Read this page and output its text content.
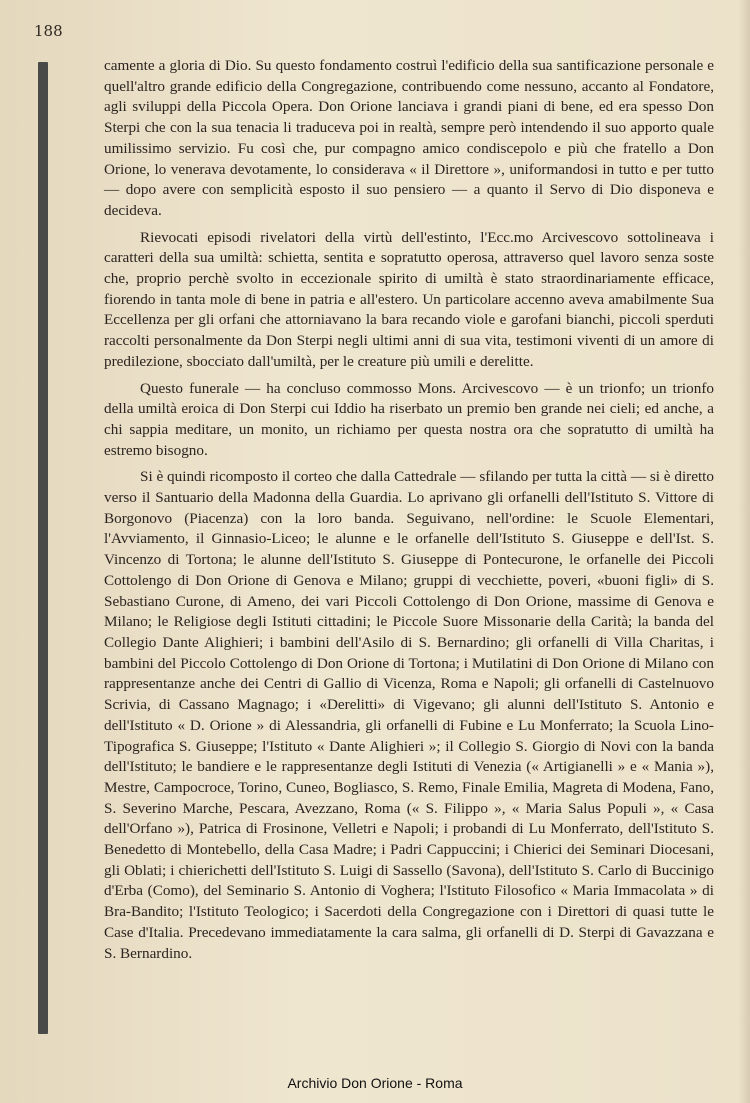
188

camente a gloria di Dio. Su questo fondamento costruì l'edificio della sua santificazione personale e quell'altro grande edificio della Congregazione, contribuendo come nessuno, accanto al Fondatore, agli sviluppi della Piccola Opera. Don Orione lanciava i grandi piani di bene, ed era spesso Don Sterpi che con la sua tenacia li traduceva poi in realtà, sempre però intendendo il suo apporto quale umilissimo servizio. Fu così che, pur compagno amico condiscepolo e più che fratello a Don Orione, lo venerava devotamente, lo considerava « il Direttore », uniformandosi in tutto e per tutto — dopo avere con semplicità esposto il suo pensiero — a quanto il Servo di Dio disponeva e decideva.

Rievocati episodi rivelatori della virtù dell'estinto, l'Ecc.mo Arcivescovo sottolineava i caratteri della sua umiltà: schietta, sentita e sopratutto operosa, attraverso quel lavoro senza soste che, proprio perchè svolto in eccezionale spirito di umiltà è stato straordinariamente efficace, fiorendo in tanta mole di bene in patria e all'estero. Un particolare accenno aveva amabilmente Sua Eccellenza per gli orfani che attorniavano la bara recando viole e garofani bianchi, piccoli sperduti raccolti personalmente da Don Sterpi negli ultimi anni di sua vita, testimoni viventi di un amore di predilezione, sbocciato dall'umiltà, per le creature più umili e derelitte.

Questo funerale — ha concluso commosso Mons. Arcivescovo — è un trionfo; un trionfo della umiltà eroica di Don Sterpi cui Iddio ha riserbato un premio ben grande nei cieli; ed anche, a chi sappia meditare, un monito, un richiamo per questa nostra ora che sopratutto di umiltà ha estremo bisogno.

Si è quindi ricomposto il corteo che dalla Cattedrale — sfilando per tutta la città — si è diretto verso il Santuario della Madonna della Guardia. Lo aprivano gli orfanelli dell'Istituto S. Vittore di Borgonovo (Piacenza) con la loro banda. Seguivano, nell'ordine: le Scuole Elementari, l'Avviamento, il Ginnasio-Liceo; le alunne e le orfanelle dell'Istituto S. Giuseppe e dell'Ist. S. Vincenzo di Tortona; le alunne dell'Istituto S. Giuseppe di Pontecurone, le orfanelle dei Piccoli Cottolengo di Don Orione di Genova e Milano; gruppi di vecchiette, poveri, «buoni figli» di S. Sebastiano Curone, di Ameno, dei vari Piccoli Cottolengo di Don Orione, massime di Genova e Milano; le Religiose degli Istituti cittadini; le Piccole Suore Missonarie della Carità; la banda del Collegio Dante Alighieri; i bambini dell'Asilo di S. Bernardino; gli orfanelli di Villa Charitas, i bambini del Piccolo Cottolengo di Don Orione di Tortona; i Mutilatini di Don Orione di Milano con rappresentanze anche dei Centri di Gallio di Vicenza, Roma e Napoli; gli orfanelli di Castelnuovo Scrivia, di Cassano Magnago; i «Derelitti» di Vigevano; gli alunni dell'Istituto S. Antonio e dell'Istituto « D. Orione » di Alessandria, gli orfanelli di Fubine e Lu Monferrato; la Scuola Lino-Tipografica S. Giuseppe; l'Istituto « Dante Alighieri »; il Collegio S. Giorgio di Novi con la banda dell'Istituto; le bandiere e le rappresentanze degli Istituti di Venezia (« Artigianelli » e « Mania »), Mestre, Campocroce, Torino, Cuneo, Bogliasco, S. Remo, Finale Emilia, Magreta di Modena, Fano, S. Severino Marche, Pescara, Avezzano, Roma (« S. Filippo », « Maria Salus Populi », « Casa dell'Orfano »), Patrica di Frosinone, Velletri e Napoli; i probandi di Lu Monferrato, dell'Istituto S. Benedetto di Montebello, della Casa Madre; i Padri Cappuccini; i Chierici dei Seminari Diocesani, gli Oblati; i chierichetti dell'Istituto S. Luigi di Sassello (Savona), dell'Istituto S. Carlo di Buccinigo d'Erba (Como), del Seminario S. Antonio di Voghera; l'Istituto Filosofico « Maria Immacolata » di Bra-Bandito; l'Istituto Teologico; i Sacerdoti della Congregazione con i Direttori di quasi tutte le Case d'Italia. Precedevano immediatamente la cara salma, gli orfanelli di D. Sterpi di Gavazzana e S. Bernardino.

Archivio Don Orione - Roma
